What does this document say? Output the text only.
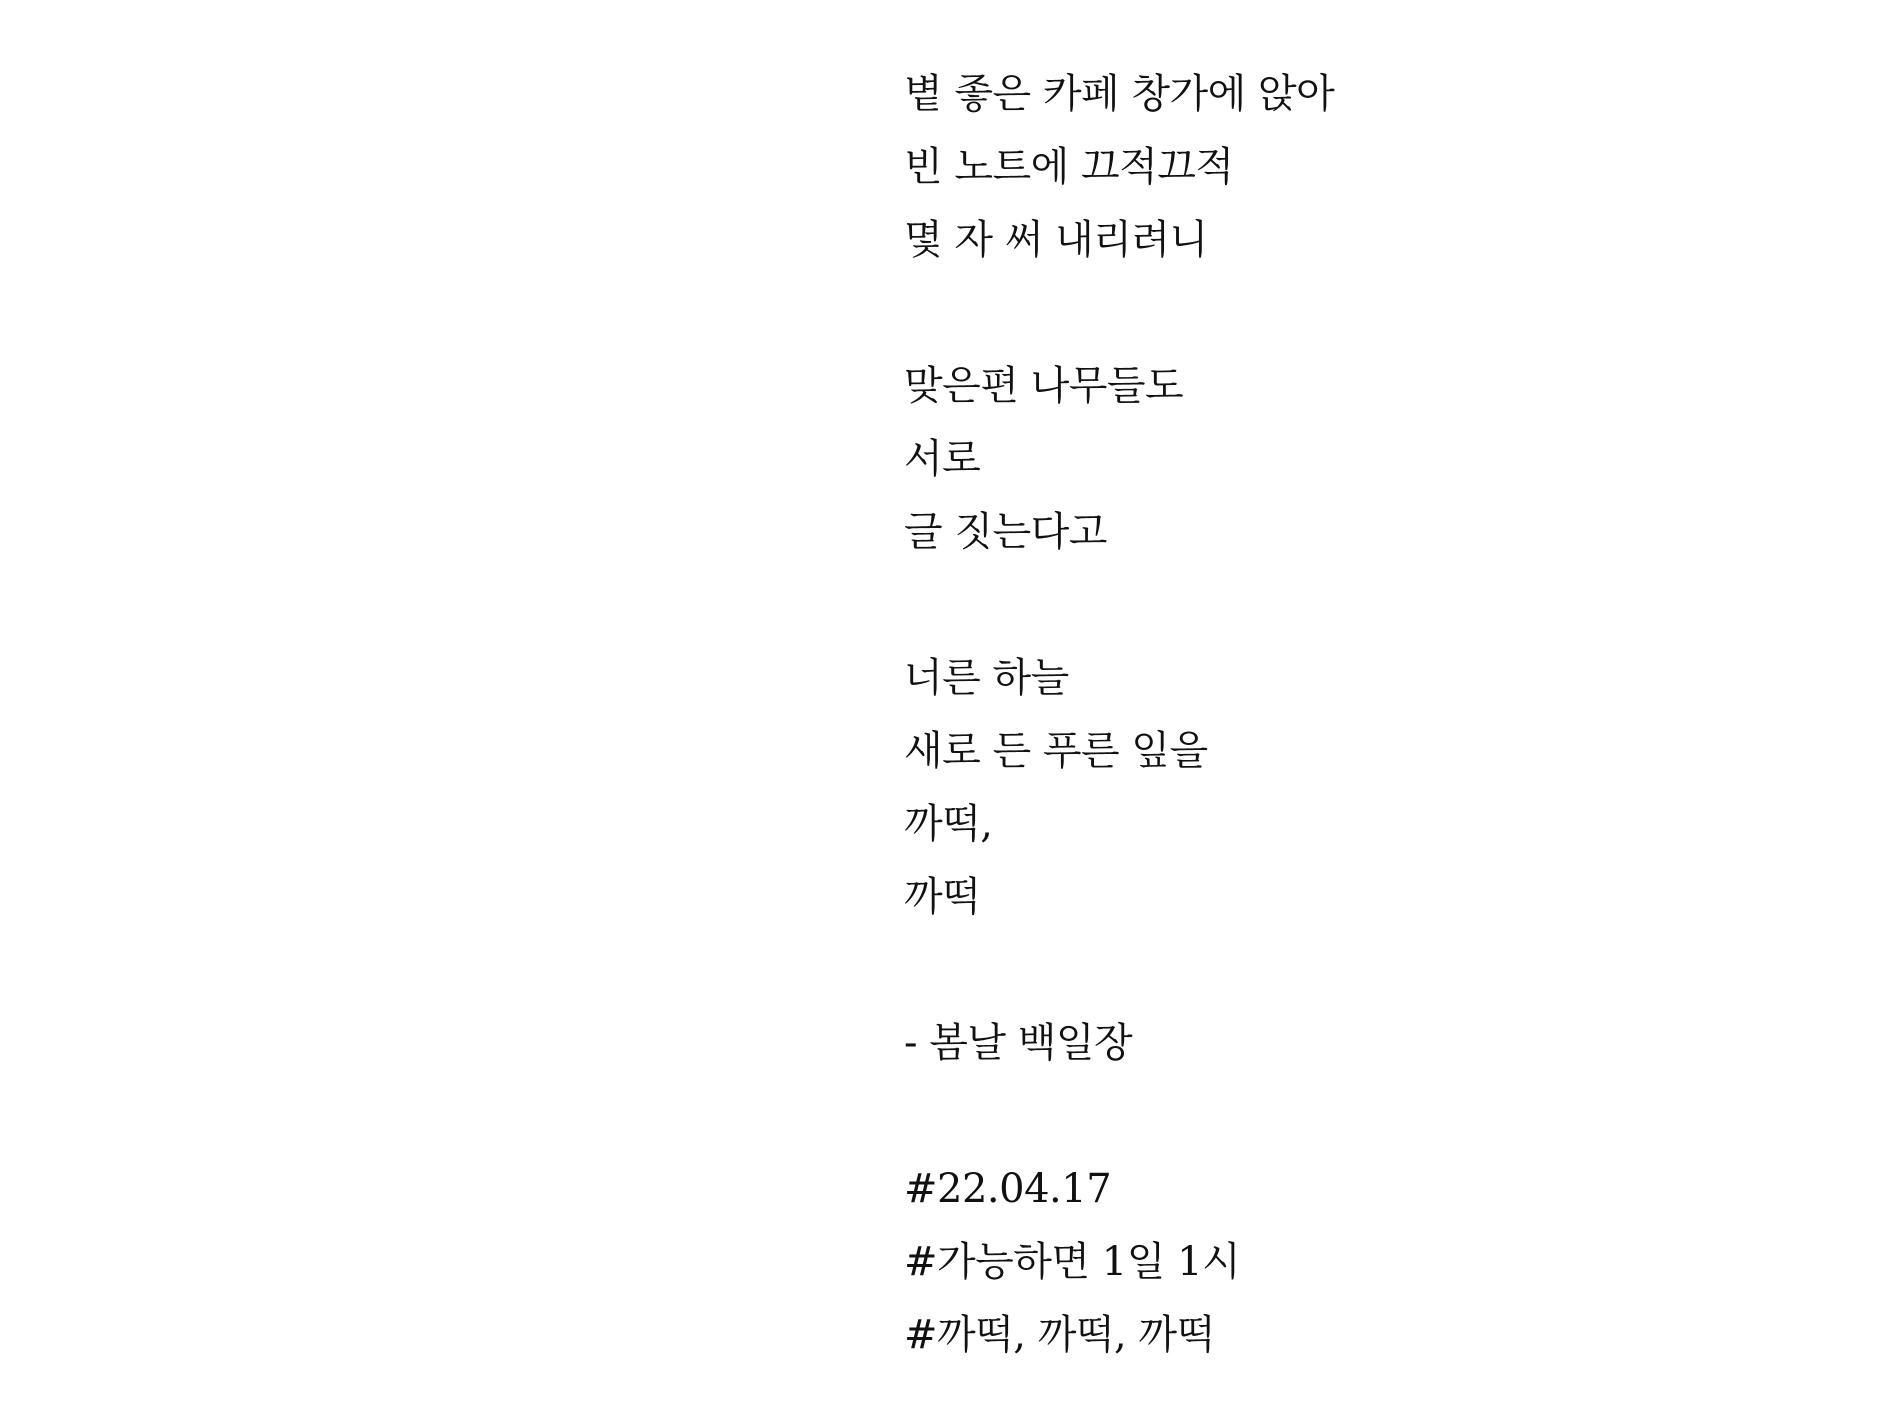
볕 좋은 카페 창가에 앉아
빈 노트에 끄적끄적
몇 자 써 내리려니
맞은편 나무들도
서로
글 짓는다고
너른 하늘
새로 든 푸른 잎을
까떡,
까떡
- 봄날 백일장
#22.04.17
#가능하면 1일 1시
#까떡, 까떡, 까떡
